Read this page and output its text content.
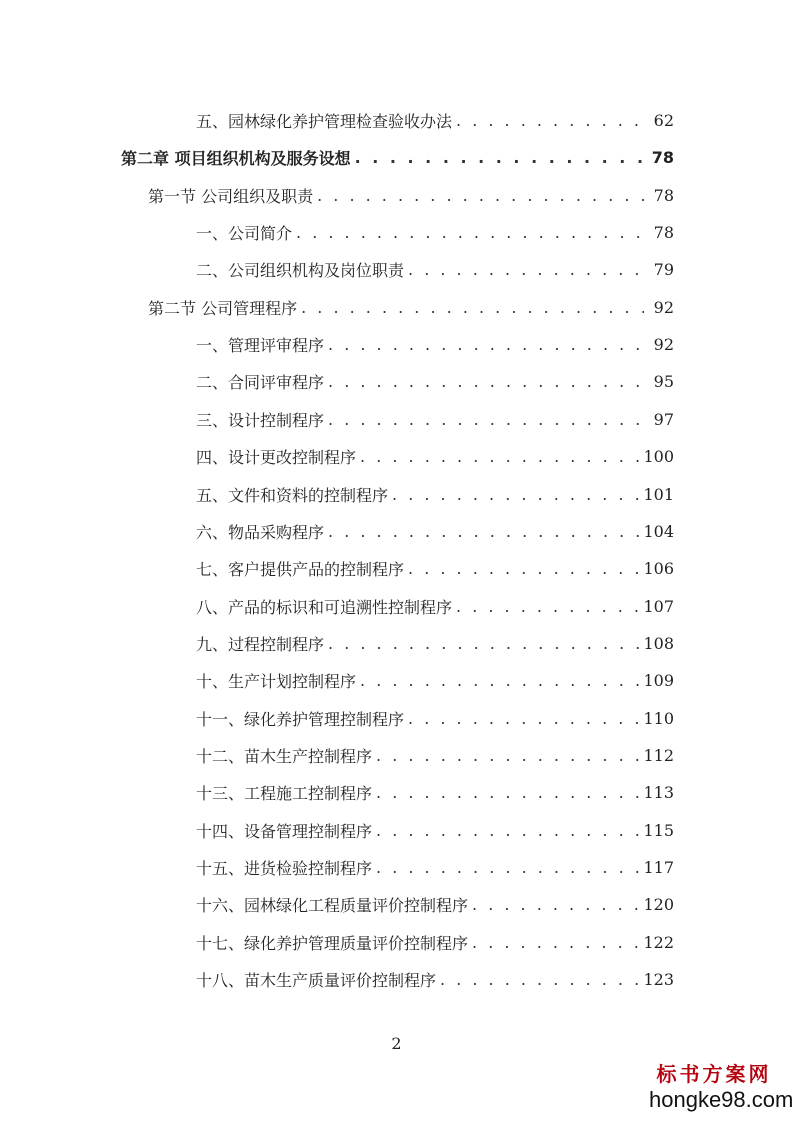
五、园林绿化养护管理检查验收办法 . . .	62
第二章 项目组织机构及服务设想 . . .	78
第一节 公司组织及职责 . . .	78
一、公司简介 . . .	78
二、公司组织机构及岗位职责 . . .	79
第二节 公司管理程序 . . .	92
一、管理评审程序 . . .	92
二、合同评审程序 . . .	95
三、设计控制程序 . . .	97
四、设计更改控制程序 . . .	100
五、文件和资料的控制程序 . . .	101
六、物品采购程序 . . .	104
七、客户提供产品的控制程序 . . .	106
八、产品的标识和可追溯性控制程序 . . .	107
九、过程控制程序 . . .	108
十、生产计划控制程序 . . .	109
十一、绿化养护管理控制程序 . . .	110
十二、苗木生产控制程序 . . .	112
十三、工程施工控制程序 . . .	113
十四、设备管理控制程序 . . .	115
十五、进货检验控制程序 . . .	117
十六、园林绿化工程质量评价控制程序 . . .	120
十七、绿化养护管理质量评价控制程序 . . .	122
十八、苗木生产质量评价控制程序 . . .	123
2
标书方案网
hongke98.com
